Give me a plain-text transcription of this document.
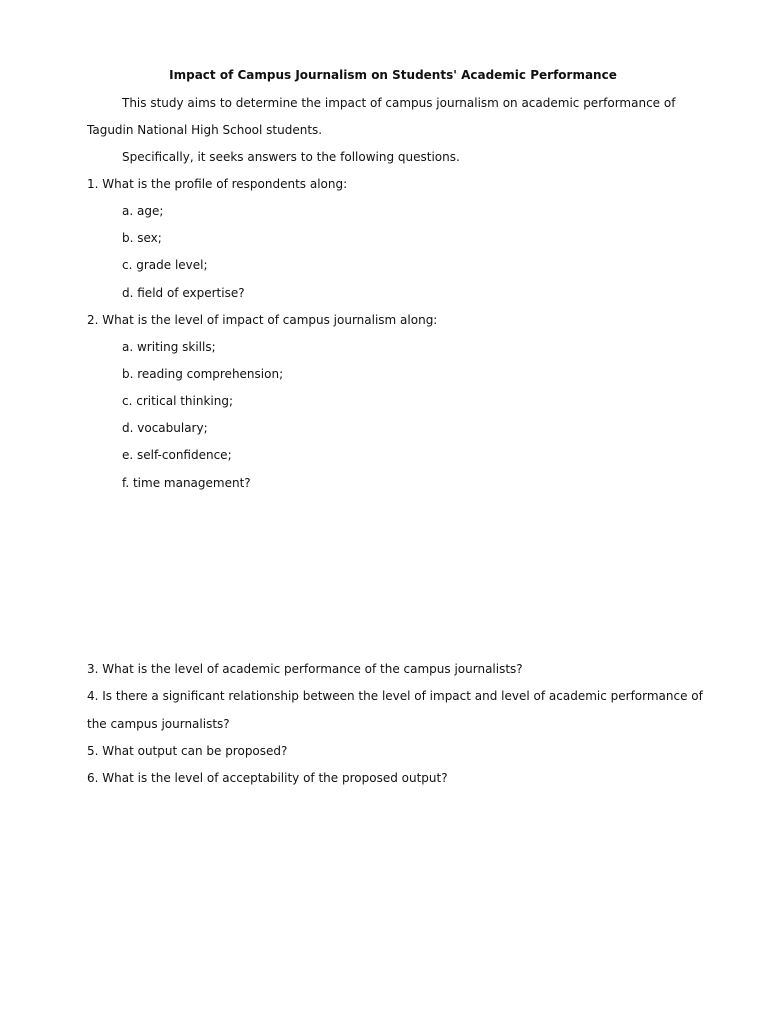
Impact of Campus Journalism on Students' Academic Performance
This study aims to determine the impact of campus journalism on academic performance of
Tagudin National High School students.
Specifically, it seeks answers to the following questions.
1. What is the profile of respondents along:
a. age;
b. sex;
c. grade level;
d. field of expertise?
2. What is the level of impact of campus journalism along:
a. writing skills;
b. reading comprehension;
c. critical thinking;
d. vocabulary;
e. self-confidence;
f. time management?
3. What is the level of academic performance of the campus journalists?
4. Is there a significant relationship between the level of impact and level of academic performance of
the campus journalists?
5. What output can be proposed?
6. What is the level of acceptability of the proposed output?
